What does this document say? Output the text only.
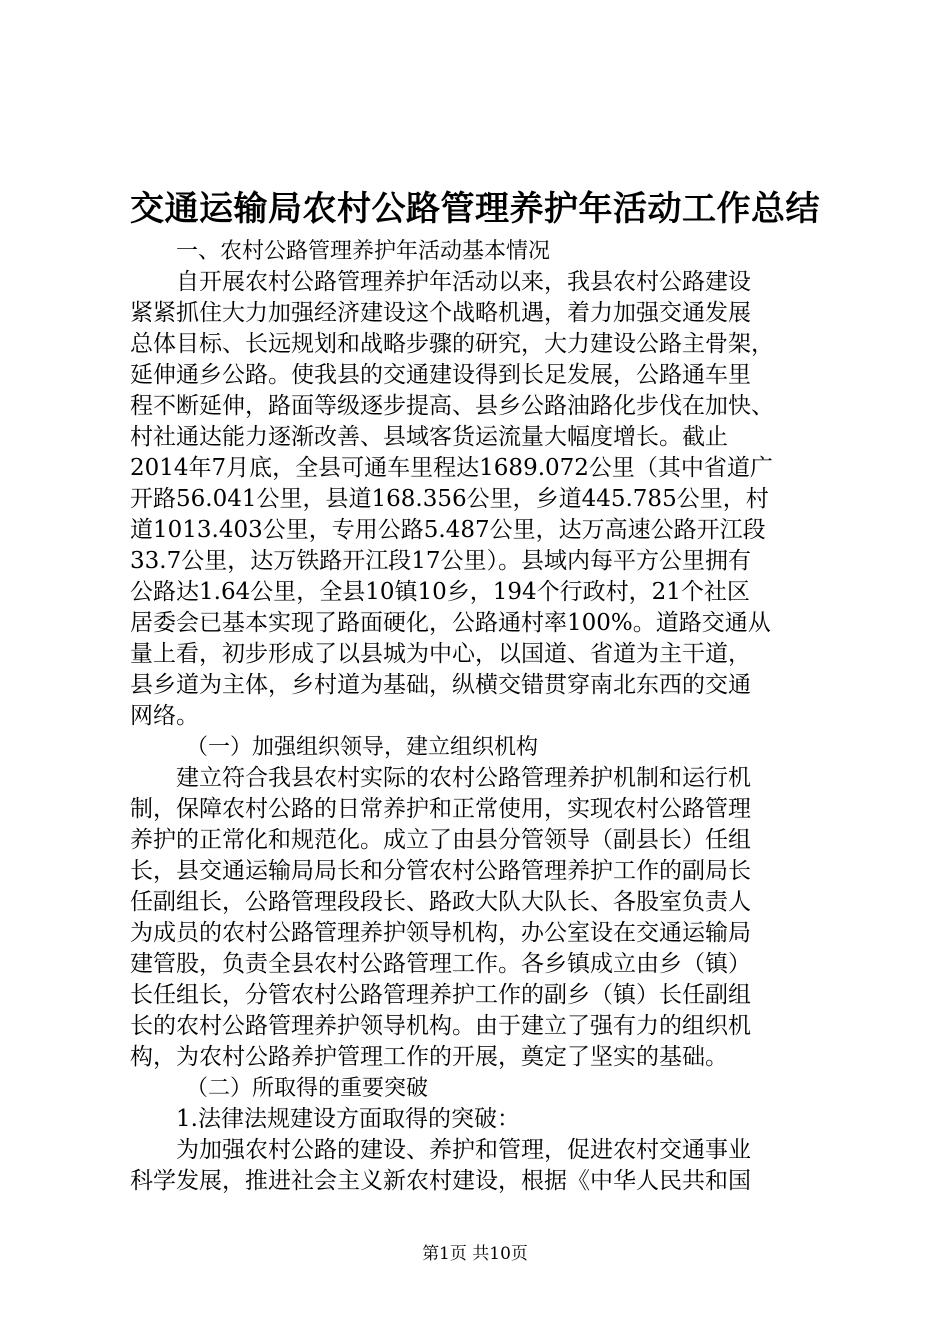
交通运输局农村公路管理养护年活动工作总结
一、农村公路管理养护年活动基本情况
自开展农村公路管理养护年活动以来，我县农村公路建设
紧紧抓住大力加强经济建设这个战略机遇，着力加强交通发展
总体目标、长远规划和战略步骤的研究，大力建设公路主骨架，
延伸通乡公路。使我县的交通建设得到长足发展，公路通车里
程不断延伸，路面等级逐步提高、县乡公路油路化步伐在加快、
村社通达能力逐渐改善、县域客货运流量大幅度增长。截止
2014年7月底，全县可通车里程达1689.072公里（其中省道广
开路56.041公里，县道168.356公里，乡道445.785公里，村
道1013.403公里，专用公路5.487公里，达万高速公路开江段
33.7公里，达万铁路开江段17公里）。县域内每平方公里拥有
公路达1.64公里，全县10镇10乡，194个行政村，21个社区
居委会已基本实现了路面硬化，公路通村率100%。道路交通从
量上看，初步形成了以县城为中心，以国道、省道为主干道，
县乡道为主体，乡村道为基础，纵横交错贯穿南北东西的交通
网络。
（一）加强组织领导，建立组织机构
建立符合我县农村实际的农村公路管理养护机制和运行机
制，保障农村公路的日常养护和正常使用，实现农村公路管理
养护的正常化和规范化。成立了由县分管领导（副县长）任组
长，县交通运输局局长和分管农村公路管理养护工作的副局长
任副组长，公路管理段段长、路政大队大队长、各股室负责人
为成员的农村公路管理养护领导机构，办公室设在交通运输局
建管股，负责全县农村公路管理工作。各乡镇成立由乡（镇）
长任组长，分管农村公路管理养护工作的副乡（镇）长任副组
长的农村公路管理养护领导机构。由于建立了强有力的组织机
构，为农村公路养护管理工作的开展，奠定了坚实的基础。
（二）所取得的重要突破
1.法律法规建设方面取得的突破：
为加强农村公路的建设、养护和管理，促进农村交通事业
科学发展，推进社会主义新农村建设，根据《中华人民共和国
第1页 共10页
